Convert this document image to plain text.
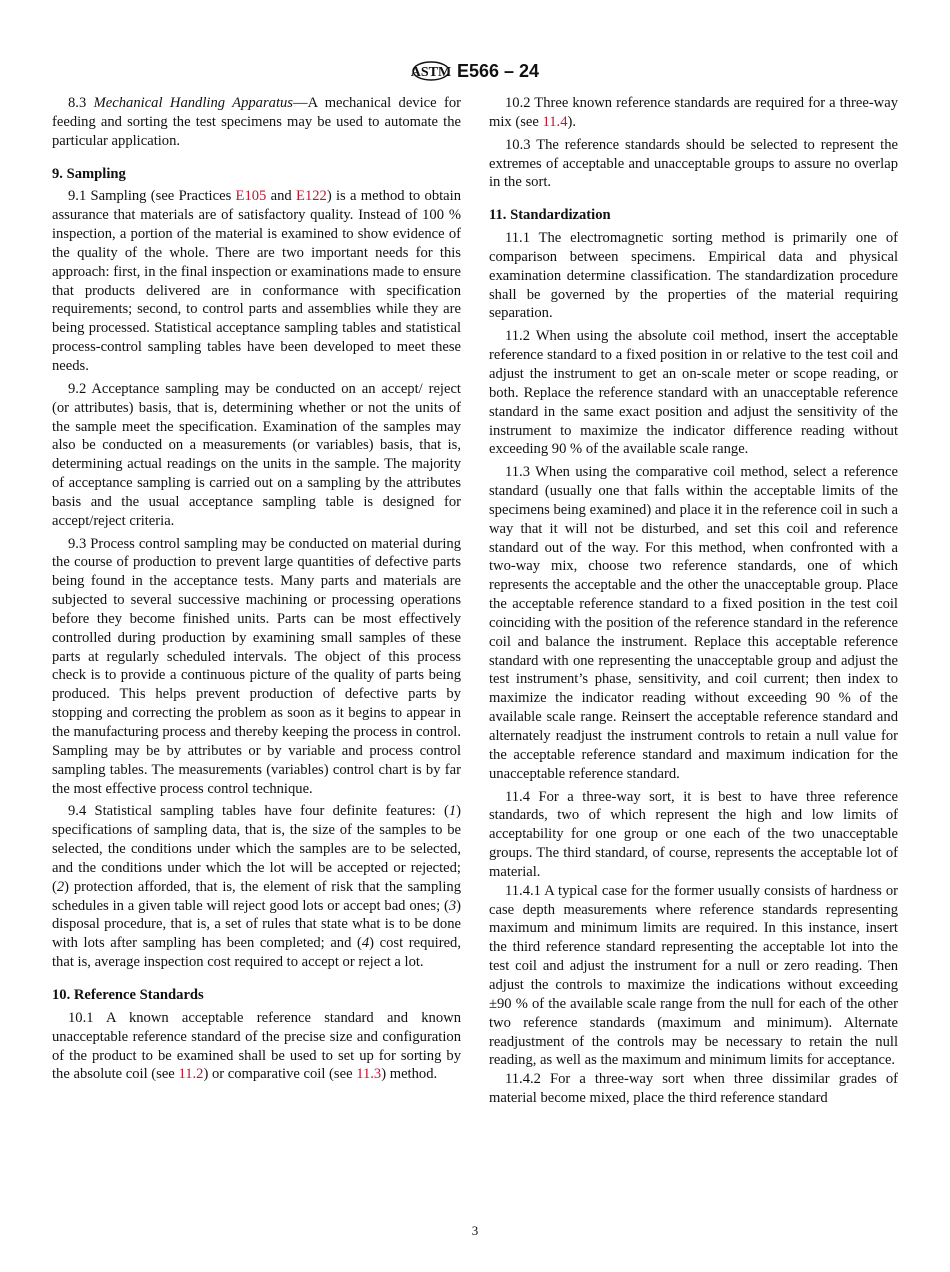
ASTM E566 – 24

8.3 Mechanical Handling Apparatus—A mechanical device for feeding and sorting the test specimens may be used to automate the particular application.

9. Sampling

9.1 Sampling (see Practices E105 and E122) is a method to obtain assurance that materials are of satisfactory quality. Instead of 100 % inspection, a portion of the material is examined to show evidence of the quality of the whole. There are two important needs for this approach: first, in the final inspection or examinations made to ensure that products delivered are in conformance with specification requirements; second, to control parts and assemblies while they are being processed. Statistical acceptance sampling tables and statistical process-control sampling tables have been developed to meet these needs.

9.2 Acceptance sampling may be conducted on an accept/ reject (or attributes) basis, that is, determining whether or not the units of the sample meet the specification. Examination of the samples may also be conducted on a measurements (or variables) basis, that is, determining actual readings on the units in the sample. The majority of acceptance sampling is carried out on a sampling by the attributes basis and the usual acceptance sampling table is designed for accept/reject criteria.

9.3 Process control sampling may be conducted on material during the course of production to prevent large quantities of defective parts being found in the acceptance tests. Many parts and materials are subjected to several successive machining or processing operations before they become finished units. Parts can be most effectively controlled during production by examining small samples of these parts at regularly scheduled intervals. The object of this process check is to provide a continuous picture of the quality of parts being produced. This helps prevent production of defective parts by stopping and correcting the problem as soon as it begins to appear in the manufacturing process and thereby keeping the process in control. Sampling may be by attributes or by variable and process control sampling tables. The measurements (variables) control chart is by far the most effective process control technique.

9.4 Statistical sampling tables have four definite features: (1) specifications of sampling data, that is, the size of the samples to be selected, the conditions under which the samples are to be selected, and the conditions under which the lot will be accepted or rejected; (2) protection afforded, that is, the element of risk that the sampling schedules in a given table will reject good lots or accept bad ones; (3) disposal procedure, that is, a set of rules that state what is to be done with lots after sampling has been completed; and (4) cost required, that is, average inspection cost required to accept or reject a lot.

10. Reference Standards

10.1 A known acceptable reference standard and known unacceptable reference standard of the precise size and configuration of the product to be examined shall be used to set up for sorting by the absolute coil (see 11.2) or comparative coil (see 11.3) method.

10.2 Three known reference standards are required for a three-way mix (see 11.4).

10.3 The reference standards should be selected to represent the extremes of acceptable and unacceptable groups to assure no overlap in the sort.

11. Standardization

11.1 The electromagnetic sorting method is primarily one of comparison between specimens. Empirical data and physical examination determine classification. The standardization procedure shall be governed by the properties of the material requiring separation.

11.2 When using the absolute coil method, insert the acceptable reference standard to a fixed position in or relative to the test coil and adjust the instrument to get an on-scale meter or scope reading, or both. Replace the reference standard with an unacceptable reference standard in the same exact position and adjust the sensitivity of the instrument to maximize the indicator difference reading without exceeding 90 % of the available scale range.

11.3 When using the comparative coil method, select a reference standard (usually one that falls within the acceptable limits of the specimens being examined) and place it in the reference coil in such a way that it will not be disturbed, and set this coil and reference standard out of the way. For this method, when confronted with a two-way mix, choose two reference standards, one of which represents the acceptable and the other the unacceptable group. Place the acceptable reference standard to a fixed position in the test coil coinciding with the position of the reference standard in the reference coil and balance the instrument. Replace this acceptable reference standard with one representing the unacceptable group and adjust the test instrument’s phase, sensitivity, and coil current; then index to maximize the indicator reading without exceeding 90 % of the available scale range. Reinsert the acceptable reference standard and alternately readjust the instrument controls to retain a null value for the acceptable reference standard and maximum indication for the unacceptable reference standard.

11.4 For a three-way sort, it is best to have three reference standards, two of which represent the high and low limits of acceptability for one group or one each of the two unacceptable groups. The third standard, of course, represents the acceptable lot of material.

11.4.1 A typical case for the former usually consists of hardness or case depth measurements where reference standards representing maximum and minimum limits are required. In this instance, insert the third reference standard representing the acceptable lot into the test coil and adjust the instrument for a null or zero reading. Then adjust the controls to maximize the indications without exceeding ±90 % of the available scale range from the null for each of the other two reference standards (maximum and minimum). Alternate readjustment of the controls may be necessary to retain the null reading, as well as the maximum and minimum limits for acceptance.

11.4.2 For a three-way sort when three dissimilar grades of material become mixed, place the third reference standard

3
